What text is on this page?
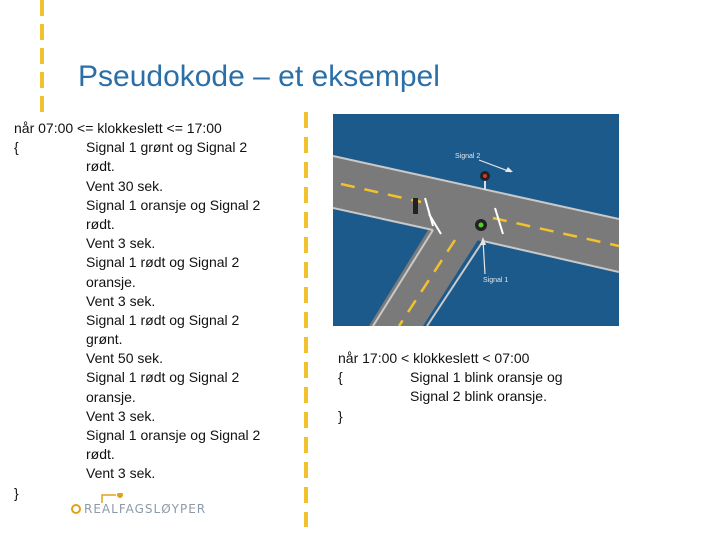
Pseudokode – et eksempel
når 07:00 <= klokkeslett <= 17:00
{	Signal 1 grønt og Signal 2
rødt.
Vent 30 sek.
Signal 1 oransje og Signal 2
rødt.
Vent 3 sek.
Signal 1 rødt og Signal 2
oransje.
Vent 3 sek.
Signal 1 rødt og Signal 2
grønt.
Vent 50 sek.
Signal 1 rødt og Signal 2
oransje.
Vent 3 sek.
Signal 1 oransje og Signal 2
rødt.
Vent 3 sek.
}
når 17:00 < klokkeslett < 07:00
{	Signal 1 blink oransje og
Signal 2 blink oransje.
}
Signal 2
Signal 1
REALFAGSLØYPER
